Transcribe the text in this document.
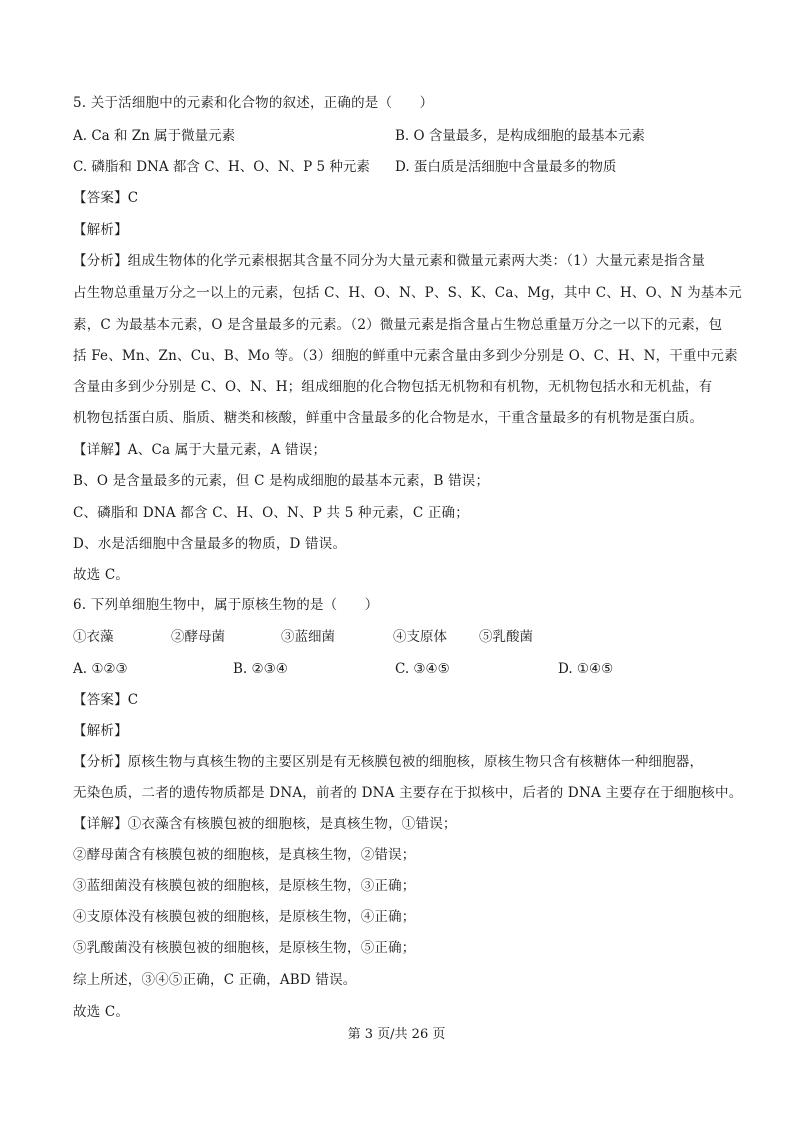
5. 关于活细胞中的元素和化合物的叙述，正确的是（　　）
A. Ca 和 Zn 属于微量元素	B. O 含量最多，是构成细胞的最基本元素
C. 磷脂和 DNA 都含 C、H、O、N、P 5 种元素 D. 蛋白质是活细胞中含量最多的物质
【答案】C
【解析】
【分析】组成生物体的化学元素根据其含量不同分为大量元素和微量元素两大类：（1）大量元素是指含量
占生物总重量万分之一以上的元素，包括 C、H、O、N、P、S、K、Ca、Mg，其中 C、H、O、N 为基本元
素，C 为最基本元素，O 是含量最多的元素。（2）微量元素是指含量占生物总重量万分之一以下的元素，包
括 Fe、Mn、Zn、Cu、B、Mo 等。（3）细胞的鲜重中元素含量由多到少分别是 O、C、H、N，干重中元素
含量由多到少分别是 C、O、N、H；组成细胞的化合物包括无机物和有机物，无机物包括水和无机盐，有
机物包括蛋白质、脂质、糖类和核酸，鲜重中含量最多的化合物是水，干重含量最多的有机物是蛋白质。
【详解】A、Ca 属于大量元素，A 错误；
B、O 是含量最多的元素，但 C 是构成细胞的最基本元素，B 错误；
C、磷脂和 DNA 都含 C、H、O、N、P 共 5 种元素，C 正确；
D、水是活细胞中含量最多的物质，D 错误。
故选 C。
6. 下列单细胞生物中，属于原核生物的是（　　）
①衣藻	②酵母菌	③蓝细菌	④支原体 ⑤乳酸菌
A. ①②③	B. ②③④	C. ③④⑤	D. ①④⑤
【答案】C
【解析】
【分析】原核生物与真核生物的主要区别是有无核膜包被的细胞核，原核生物只含有核糖体一种细胞器，
无染色质，二者的遗传物质都是 DNA，前者的 DNA 主要存在于拟核中，后者的 DNA 主要存在于细胞核中。
【详解】①衣藻含有核膜包被的细胞核，是真核生物，①错误；
②酵母菌含有核膜包被的细胞核，是真核生物，②错误；
③蓝细菌没有核膜包被的细胞核，是原核生物，③正确；
④支原体没有核膜包被的细胞核，是原核生物，④正确；
⑤乳酸菌没有核膜包被的细胞核，是原核生物，⑤正确；
综上所述，③④⑤正确，C 正确，ABD 错误。
故选 C。
第 3 页/共 26 页
